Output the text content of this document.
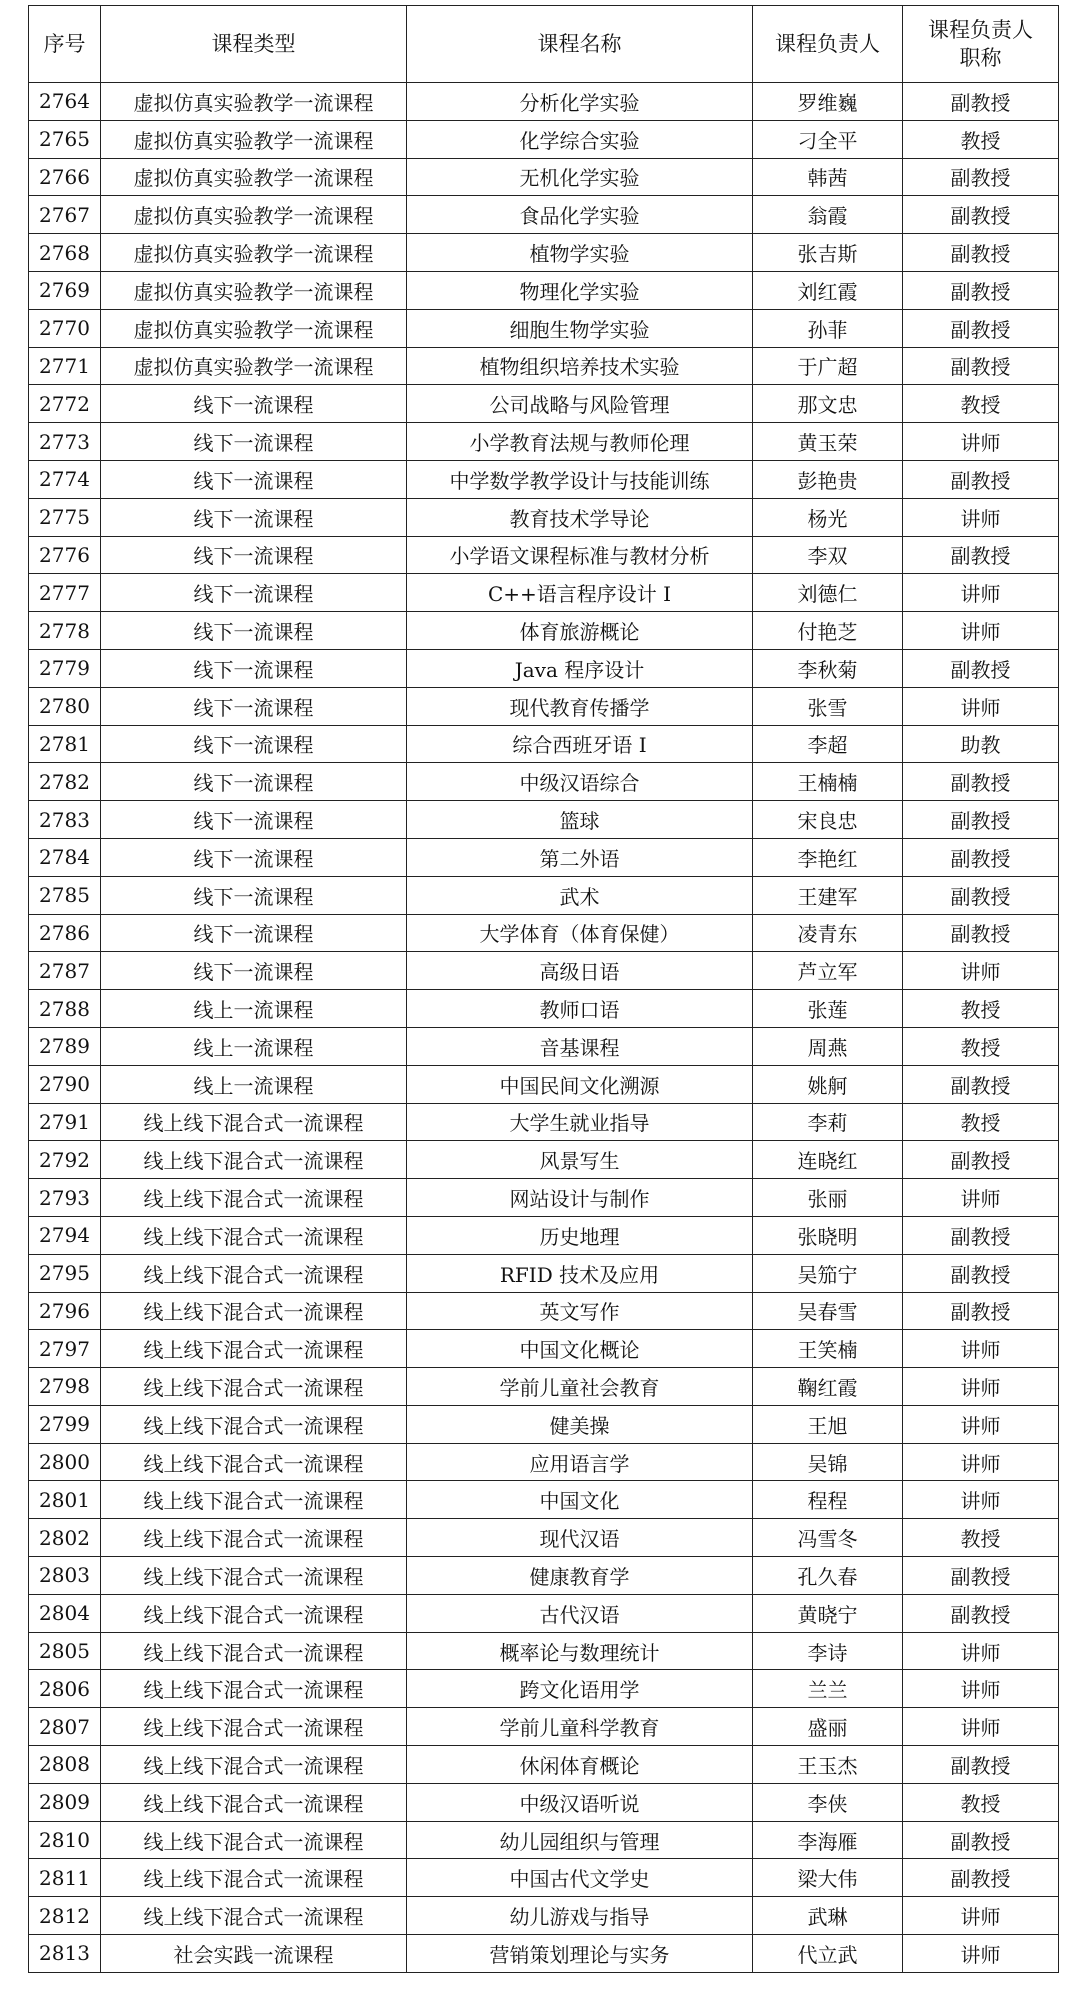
序号	课程类型	课程名称	课程负责人	课程负责人
职称

2764	虚拟仿真实验教学一流课程	分析化学实验	罗维巍	副教授
2765	虚拟仿真实验教学一流课程	化学综合实验	刁全平	教授
2766	虚拟仿真实验教学一流课程	无机化学实验	韩茜	副教授
2767	虚拟仿真实验教学一流课程	食品化学实验	翁霞	副教授
2768	虚拟仿真实验教学一流课程	植物学实验	张吉斯	副教授
2769	虚拟仿真实验教学一流课程	物理化学实验	刘红霞	副教授
2770	虚拟仿真实验教学一流课程	细胞生物学实验	孙菲	副教授
2771	虚拟仿真实验教学一流课程	植物组织培养技术实验	于广超	副教授
2772	线下一流课程	公司战略与风险管理	那文忠	教授
2773	线下一流课程	小学教育法规与教师伦理	黄玉荣	讲师
2774	线下一流课程	中学数学教学设计与技能训练	彭艳贵	副教授
2775	线下一流课程	教育技术学导论	杨光	讲师
2776	线下一流课程	小学语文课程标准与教材分析	李双	副教授
2777	线下一流课程	C++语言程序设计 I	刘德仁	讲师
2778	线下一流课程	体育旅游概论	付艳芝	讲师
2779	线下一流课程	Java 程序设计	李秋菊	副教授
2780	线下一流课程	现代教育传播学	张雪	讲师
2781	线下一流课程	综合西班牙语 I	李超	助教
2782	线下一流课程	中级汉语综合	王楠楠	副教授
2783	线下一流课程	篮球	宋良忠	副教授
2784	线下一流课程	第二外语	李艳红	副教授
2785	线下一流课程	武术	王建军	副教授
2786	线下一流课程	大学体育（体育保健）	凌青东	副教授
2787	线下一流课程	高级日语	芦立军	讲师
2788	线上一流课程	教师口语	张莲	教授
2789	线上一流课程	音基课程	周燕	教授
2790	线上一流课程	中国民间文化溯源	姚舸	副教授
2791	线上线下混合式一流课程	大学生就业指导	李莉	教授
2792	线上线下混合式一流课程	风景写生	连晓红	副教授
2793	线上线下混合式一流课程	网站设计与制作	张丽	讲师
2794	线上线下混合式一流课程	历史地理	张晓明	副教授
2795	线上线下混合式一流课程	RFID 技术及应用	吴笳宁	副教授
2796	线上线下混合式一流课程	英文写作	吴春雪	副教授
2797	线上线下混合式一流课程	中国文化概论	王笑楠	讲师
2798	线上线下混合式一流课程	学前儿童社会教育	鞠红霞	讲师
2799	线上线下混合式一流课程	健美操	王旭	讲师
2800	线上线下混合式一流课程	应用语言学	吴锦	讲师
2801	线上线下混合式一流课程	中国文化	程程	讲师
2802	线上线下混合式一流课程	现代汉语	冯雪冬	教授
2803	线上线下混合式一流课程	健康教育学	孔久春	副教授
2804	线上线下混合式一流课程	古代汉语	黄晓宁	副教授
2805	线上线下混合式一流课程	概率论与数理统计	李诗	讲师
2806	线上线下混合式一流课程	跨文化语用学	兰兰	讲师
2807	线上线下混合式一流课程	学前儿童科学教育	盛丽	讲师
2808	线上线下混合式一流课程	休闲体育概论	王玉杰	副教授
2809	线上线下混合式一流课程	中级汉语听说	李侠	教授
2810	线上线下混合式一流课程	幼儿园组织与管理	李海雁	副教授
2811	线上线下混合式一流课程	中国古代文学史	梁大伟	副教授
2812	线上线下混合式一流课程	幼儿游戏与指导	武琳	讲师
2813	社会实践一流课程	营销策划理论与实务	代立武	讲师
